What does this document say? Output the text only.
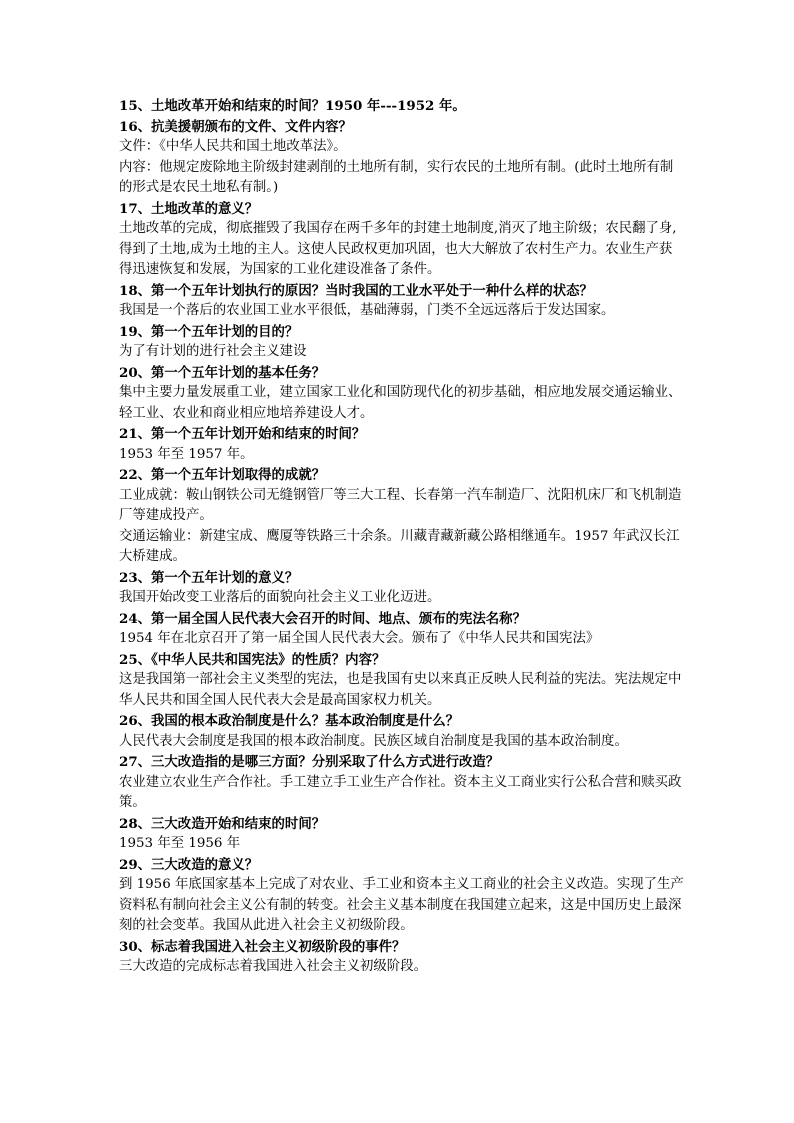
15、土地改革开始和结束的时间？1950 年---1952 年。

16、抗美援朝颁布的文件、文件内容？

文件：《中华人民共和国土地改革法》。

内容：他规定废除地主阶级封建剥削的土地所有制，实行农民的土地所有制。(此时土地所有制的形式是农民土地私有制。)

17、土地改革的意义？

土地改革的完成，彻底摧毁了我国存在两千多年的封建土地制度,消灭了地主阶级；农民翻了身,得到了土地,成为土地的主人。这使人民政权更加巩固，也大大解放了农村生产力。农业生产获得迅速恢复和发展，为国家的工业化建设准备了条件。

18、第一个五年计划执行的原因？当时我国的工业水平处于一种什么样的状态？

我国是一个落后的农业国工业水平很低，基础薄弱，门类不全远远落后于发达国家。

19、第一个五年计划的目的？

为了有计划的进行社会主义建设

20、第一个五年计划的基本任务？

集中主要力量发展重工业，建立国家工业化和国防现代化的初步基础，相应地发展交通运输业、轻工业、农业和商业相应地培养建设人才。

21、第一个五年计划开始和结束的时间？

1953 年至 1957 年。

22、第一个五年计划取得的成就？

工业成就：鞍山钢铁公司无缝钢管厂等三大工程、长春第一汽车制造厂、沈阳机床厂和飞机制造厂等建成投产。

交通运输业：新建宝成、鹰厦等铁路三十余条。川藏青藏新藏公路相继通车。1957 年武汉长江大桥建成。

23、第一个五年计划的意义？

我国开始改变工业落后的面貌向社会主义工业化迈进。

24、第一届全国人民代表大会召开的时间、地点、颁布的宪法名称？

1954 年在北京召开了第一届全国人民代表大会。颁布了《中华人民共和国宪法》

25、《中华人民共和国宪法》的性质？内容？

这是我国第一部社会主义类型的宪法，也是我国有史以来真正反映人民利益的宪法。宪法规定中华人民共和国全国人民代表大会是最高国家权力机关。

26、我国的根本政治制度是什么？基本政治制度是什么？

人民代表大会制度是我国的根本政治制度。民族区域自治制度是我国的基本政治制度。

27、三大改造指的是哪三方面？分别采取了什么方式进行改造？

农业建立农业生产合作社。手工建立手工业生产合作社。资本主义工商业实行公私合营和赎买政策。

28、三大改造开始和结束的时间？

1953 年至 1956 年

29、三大改造的意义？

到 1956 年底国家基本上完成了对农业、手工业和资本主义工商业的社会主义改造。实现了生产资料私有制向社会主义公有制的转变。社会主义基本制度在我国建立起来，这是中国历史上最深刻的社会变革。我国从此进入社会主义初级阶段。

30、标志着我国进入社会主义初级阶段的事件？

三大改造的完成标志着我国进入社会主义初级阶段。
